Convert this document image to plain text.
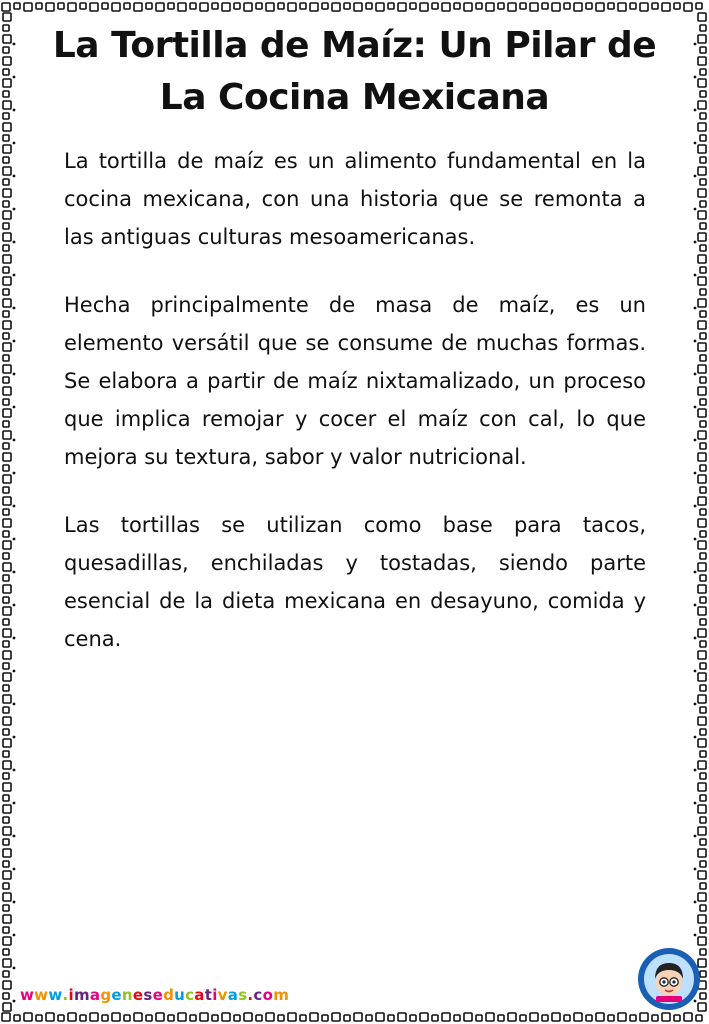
La Tortilla de Maíz: Un Pilar de La Cocina Mexicana

La tortilla de maíz es un alimento fundamental en la cocina mexicana, con una historia que se remonta a las antiguas culturas mesoamericanas.

Hecha principalmente de masa de maíz, es un elemento versátil que se consume de muchas formas. Se elabora a partir de maíz nixtamalizado, un proceso que implica remojar y cocer el maíz con cal, lo que mejora su textura, sabor y valor nutricional.

Las tortillas se utilizan como base para tacos, quesadillas, enchiladas y tostadas, siendo parte esencial de la dieta mexicana en desayuno, comida y cena.

www.imageneseducativas.com
